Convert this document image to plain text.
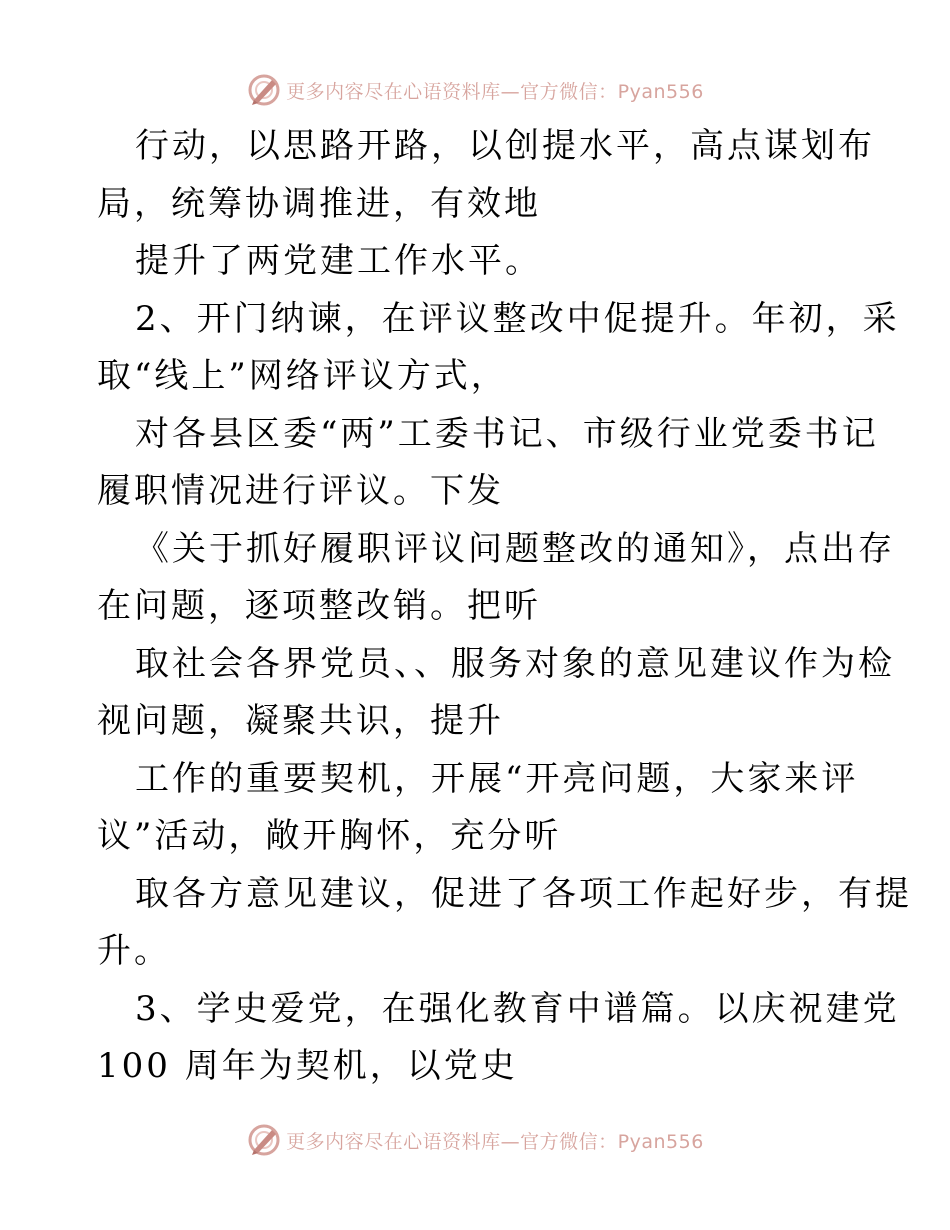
更多内容尽在心语资料库—官方微信：Pyan556
行动，以思路开路，以创提水平，高点谋划布
局，统筹协调推进，有效地
提升了两党建工作水平。
2、开门纳谏，在评议整改中促提升。年初，采
取“线上”网络评议方式，
对各县区委“两”工委书记、市级行业党委书记
履职情况进行评议。下发
《关于抓好履职评议问题整改的通知》，点出存
在问题，逐项整改销。把听
取社会各界党员、、服务对象的意见建议作为检
视问题，凝聚共识，提升
工作的重要契机，开展“开亮问题，大家来评
议”活动，敞开胸怀，充分听
取各方意见建议，促进了各项工作起好步，有提
升。
3、学史爱党，在强化教育中谱篇。以庆祝建党
100 周年为契机，以党史
更多内容尽在心语资料库—官方微信：Pyan556
